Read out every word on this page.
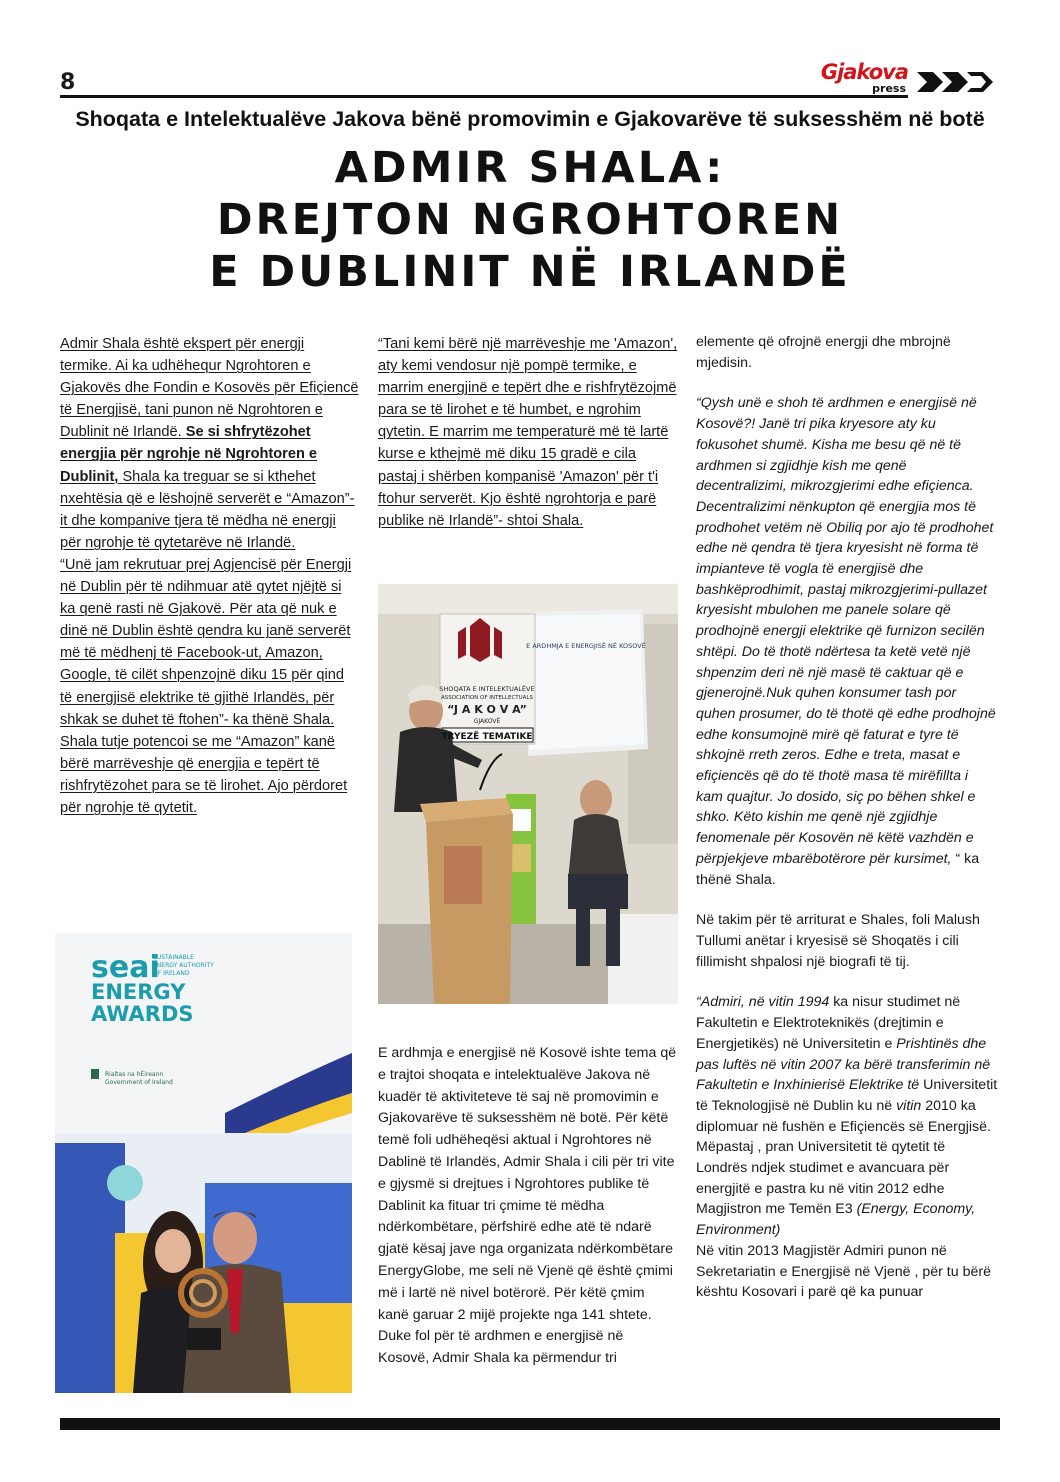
8	Gjakova
press
Shoqata e Intelektualëve Jakova bënë promovimin e Gjakovarëve të suksesshëm në botë
ADMIR SHALA:
DREJTON NGROHTOREN
E DUBLINIT NË IRLANDË

Admir Shala është ekspert për energji termike. Ai ka udhëhequr Ngrohtoren e Gjakovës dhe Fondin e Kosovës për Efiçiencë të Energjisë, tani punon në Ngrohtoren e Dublinit në Irlandë. Se si shfrytëzohet energjia për ngrohje në Ngrohtoren e Dublinit, Shala ka treguar se si kthehet nxehtësia që e lëshojnë serverët e “Amazon”-it dhe kompanive tjera të mëdha në energji për ngrohje të qytetarëve në Irlandë.

“Unë jam rekrutuar prej Agjencisë për Energji në Dublin për të ndihmuar atë qytet njëjtë si ka qenë rasti në Gjakovë. Për ata që nuk e dinë në Dublin është qendra ku janë serverët më të mëdhenj të Facebook-ut, Amazon, Google, të cilët shpenzojnë diku 15 për qind të energjisë elektrike të gjithë Irlandës, për shkak se duhet të ftohen”- ka thënë Shala.

Shala tutje potencoi se me “Amazon” kanë bërë marrëveshje që energjia e tepërt të rishfrytëzohet para se të lirohet. Ajo përdoret për ngrohje të qytetit.

“Tani kemi bërë një marrëveshje me 'Amazon', aty kemi vendosur një pompë termike, e marrim energjinë e tepërt dhe e rishfrytëzojmë para se të lirohet e të humbet, e ngrohim qytetin. E marrim me temperaturë më të lartë kurse e kthejmë më diku 15 gradë e cila pastaj i shërben kompanisë 'Amazon' për t'i ftohur serverët. Kjo është ngrohtorja e parë publike në Irlandë”- shtoi Shala.

SHOQATA E INTELEKTUALËVE
ASSOCIATION OF INTELLECTUALS
“J A K O V A”
GJAKOVË
TRYEZË TEMATIKE
E ARDHMJA E ENERGJISË NË KOSOVË

E ardhmja e energjisë në Kosovë ishte tema që e trajtoi shoqata e intelektualëve Jakova në kuadër të aktiviteteve të saj në promovimin e Gjakovarëve të suksesshëm në botë. Për këtë temë foli udhëheqësi aktual i Ngrohtores në Dablinë të Irlandës, Admir Shala i cili për tri vite e gjysmë si drejtues i Ngrohtores publike të Dablinit ka fituar tri çmime të mëdha ndërkombëtare, përfshirë edhe atë të ndarë gjatë kësaj jave nga organizata ndërkombëtare EnergyGlobe, me seli në Vjenë që është çmimi më i lartë në nivel botërorë. Për këtë çmim kanë garuar 2 mijë projekte nga 141 shtete.

Duke fol për të ardhmen e energjisë në Kosovë, Admir Shala ka përmendur tri

seai
SUSTAINABLE
ENERGY AUTHORITY
OF IRELAND
ENERGY
AWARDS
Rialtas na hÉireann
Government of Ireland

elemente që ofrojnë energji dhe mbrojnë mjedisin.

“Qysh unë e shoh të ardhmen e energjisë në Kosovë?! Janë tri pika kryesore aty ku fokusohet shumë. Kisha me besu që në të ardhmen si zgjidhje kish me qenë decentralizimi, mikrozgjerimi edhe efiçienca. Decentralizimi nënkupton që energjia mos të prodhohet vetëm në Obiliq por ajo të prodhohet edhe në qendra të tjera kryesisht në forma të impianteve të vogla të energjisë dhe bashkëprodhimit, pastaj mikrozgjerimi-pullazet kryesisht mbulohen me panele solare që prodhojnë energji elektrike që furnizon secilën shtëpi. Do të thotë ndërtesa ta ketë vetë një shpenzim deri në një masë të caktuar që e gjenerojnë.Nuk quhen konsumer tash por quhen prosumer, do të thotë që edhe prodhojnë edhe konsumojnë mirë që faturat e tyre të shkojnë rreth zeros. Edhe e treta, masat e efiçiencës që do të thotë masa të mirëfillta i kam quajtur. Jo dosido, siç po bëhen shkel e shko. Këto kishin me qenë një zgjidhje fenomenale për Kosovën në këtë vazhdën e përpjekjeve mbarëbotërore për kursimet, “ ka thënë Shala.

Në takim për të arriturat e Shales, foli Malush Tullumi anëtar i kryesisë së Shoqatës i cili fillimisht shpalosi një biografi të tij.

“Admiri, në vitin 1994 ka nisur studimet në Fakultetin e Elektroteknikës (drejtimin e Energjetikës) në Universitetin e Prishtinës dhe pas luftës në vitin 2007 ka bërë transferimin në Fakultetin e Inxhinierisë Elektrike të Universitetit të Teknologjisë në Dublin ku në vitin 2010 ka diplomuar në fushën e Efiçiencës së Energjisë.

Mëpastaj , pran Universitetit të qytetit të Londrës ndjek studimet e avancuara për energjitë e pastra ku në vitin 2012 edhe Magjistron me Temën E3 (Energy, Economy, Environment)

Në vitin 2013 Magjistër Admiri punon në Sekretariatin e Energjisë në Vjenë , për tu bërë kështu Kosovari i parë që ka punuar
